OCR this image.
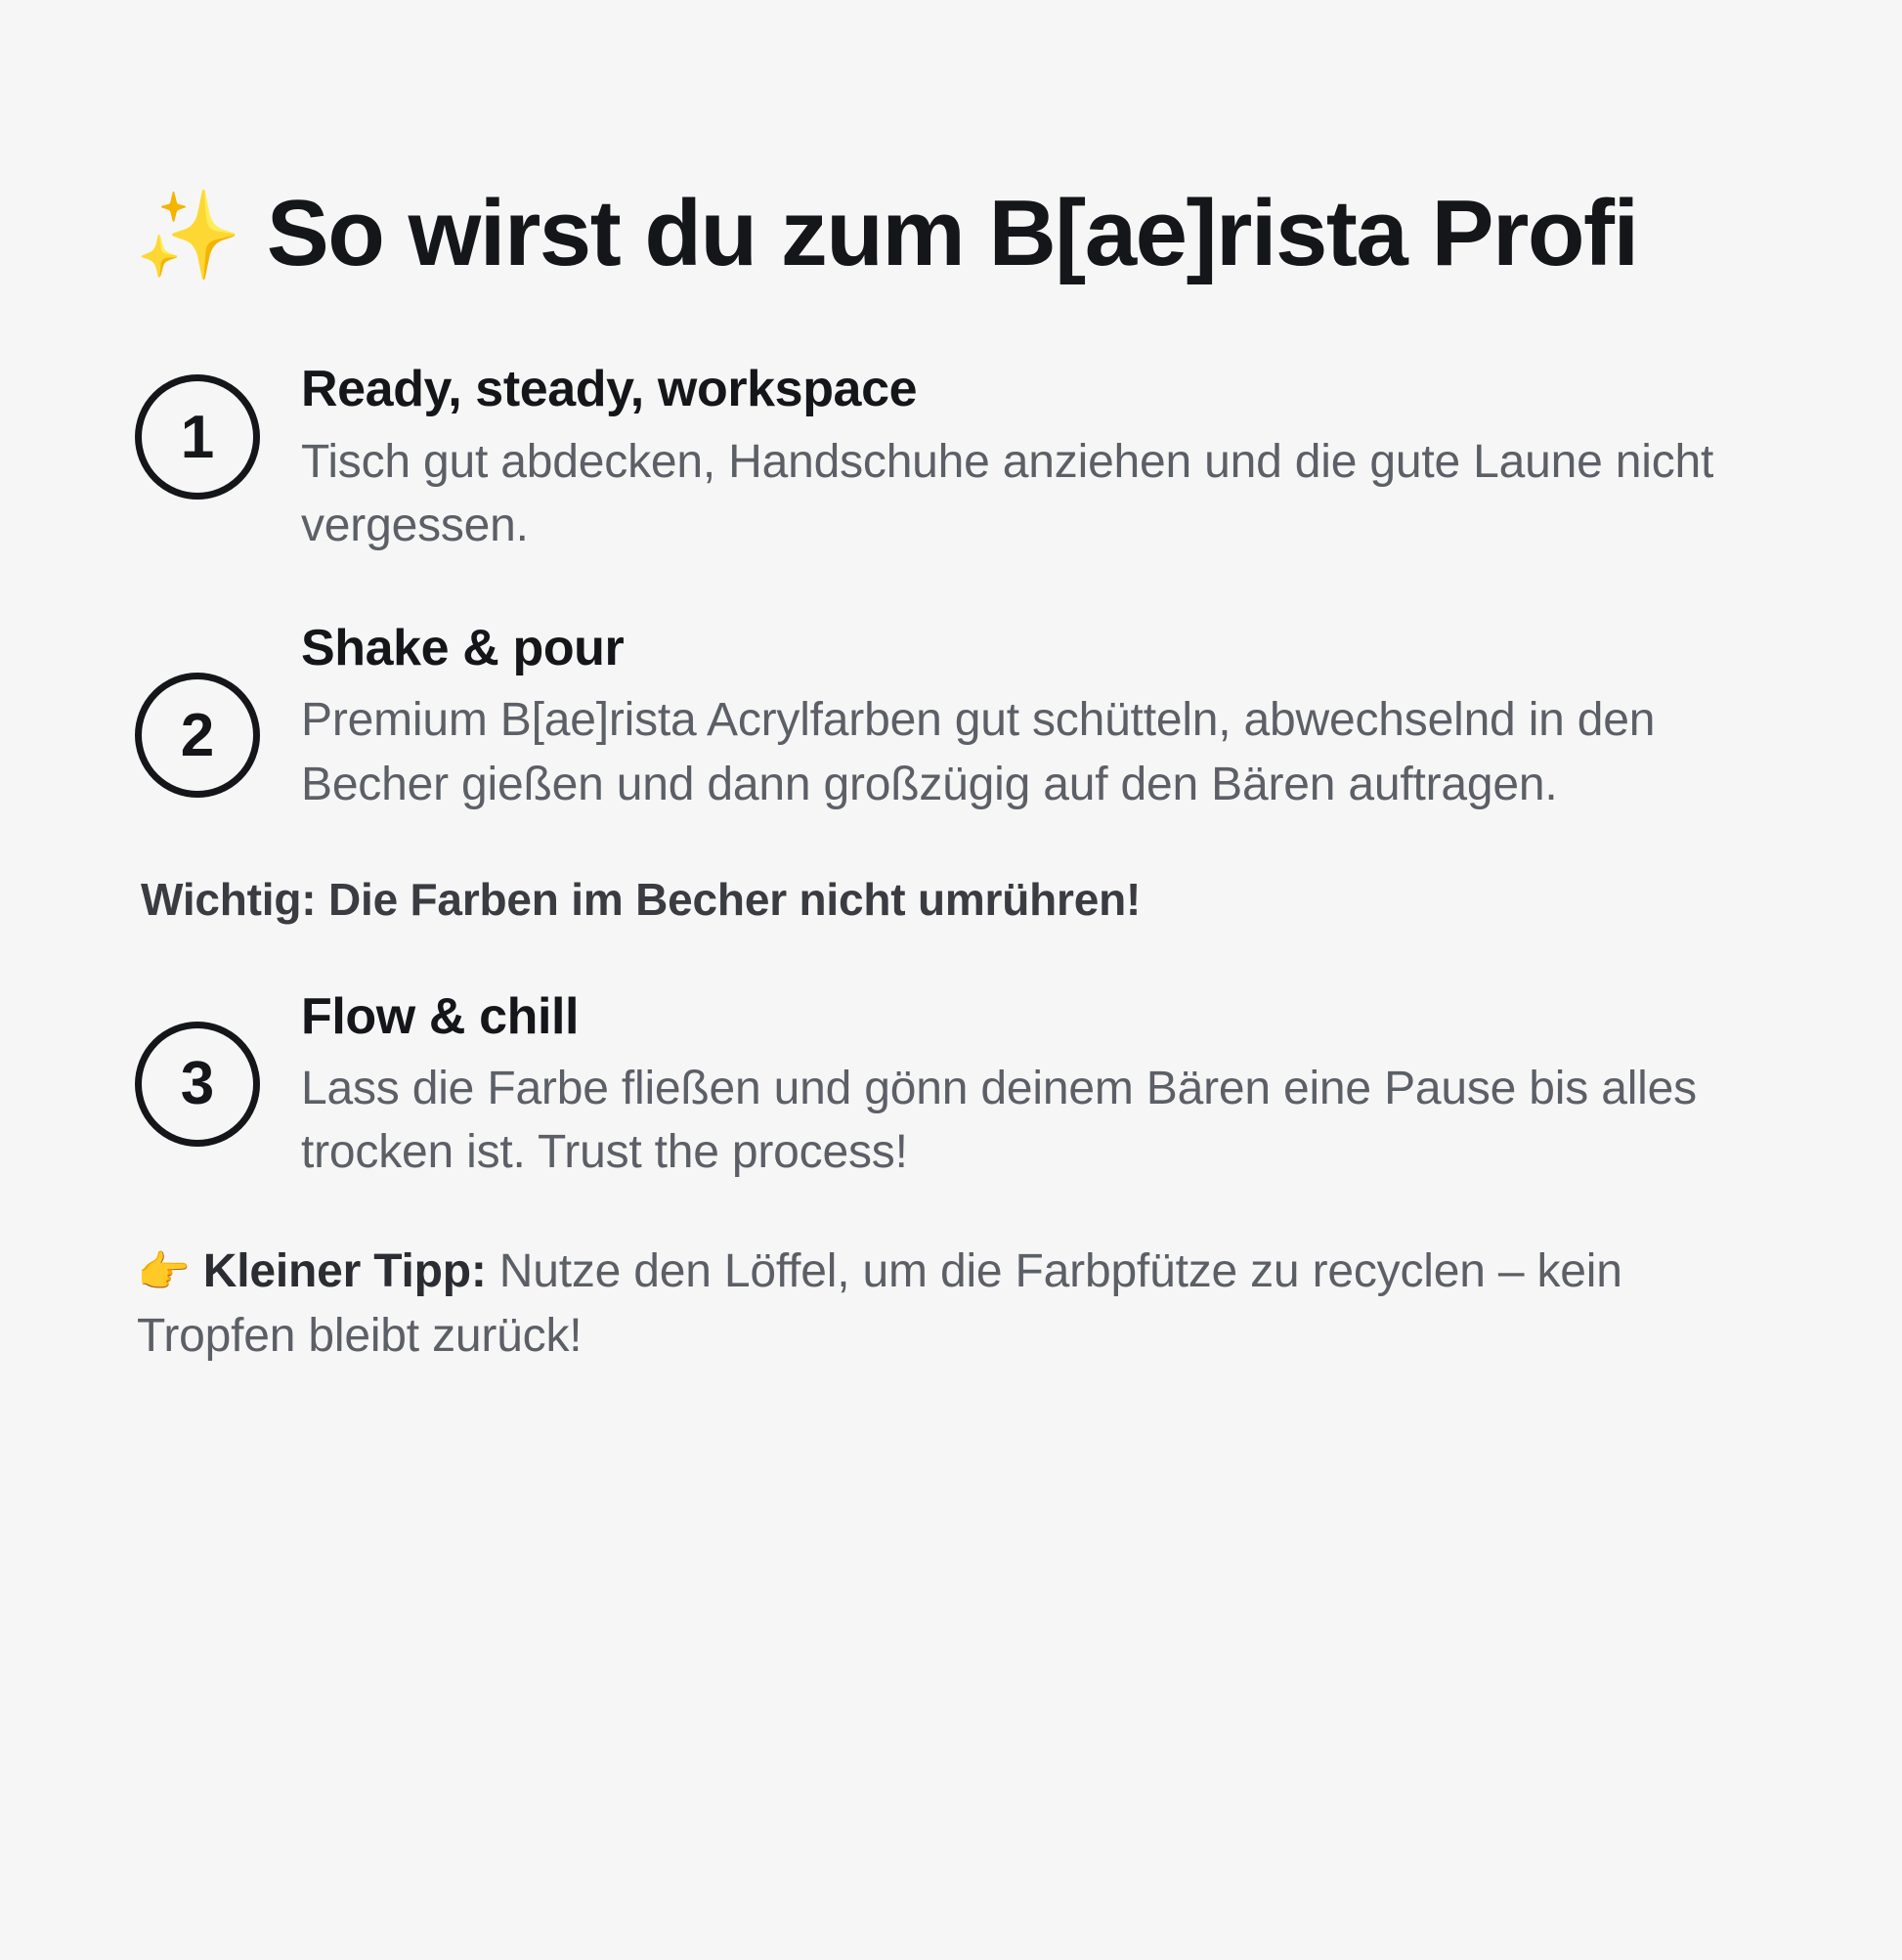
✨ So wirst du zum B[ae]rista Profi
1

Ready, steady, workspace

Tisch gut abdecken, Handschuhe anziehen und die gute Laune nicht vergessen.

2

Shake & pour

Premium B[ae]rista Acrylfarben gut schütteln, abwechselnd in den Becher gießen und dann großzügig auf den Bären auftragen.

Wichtig: Die Farben im Becher nicht umrühren!

3

Flow & chill

Lass die Farbe fließen und gönn deinem Bären eine Pause bis alles trocken ist. Trust the process!

👉 Kleiner Tipp: Nutze den Löffel, um die Farbpfütze zu recyclen – kein Tropfen bleibt zurück!
